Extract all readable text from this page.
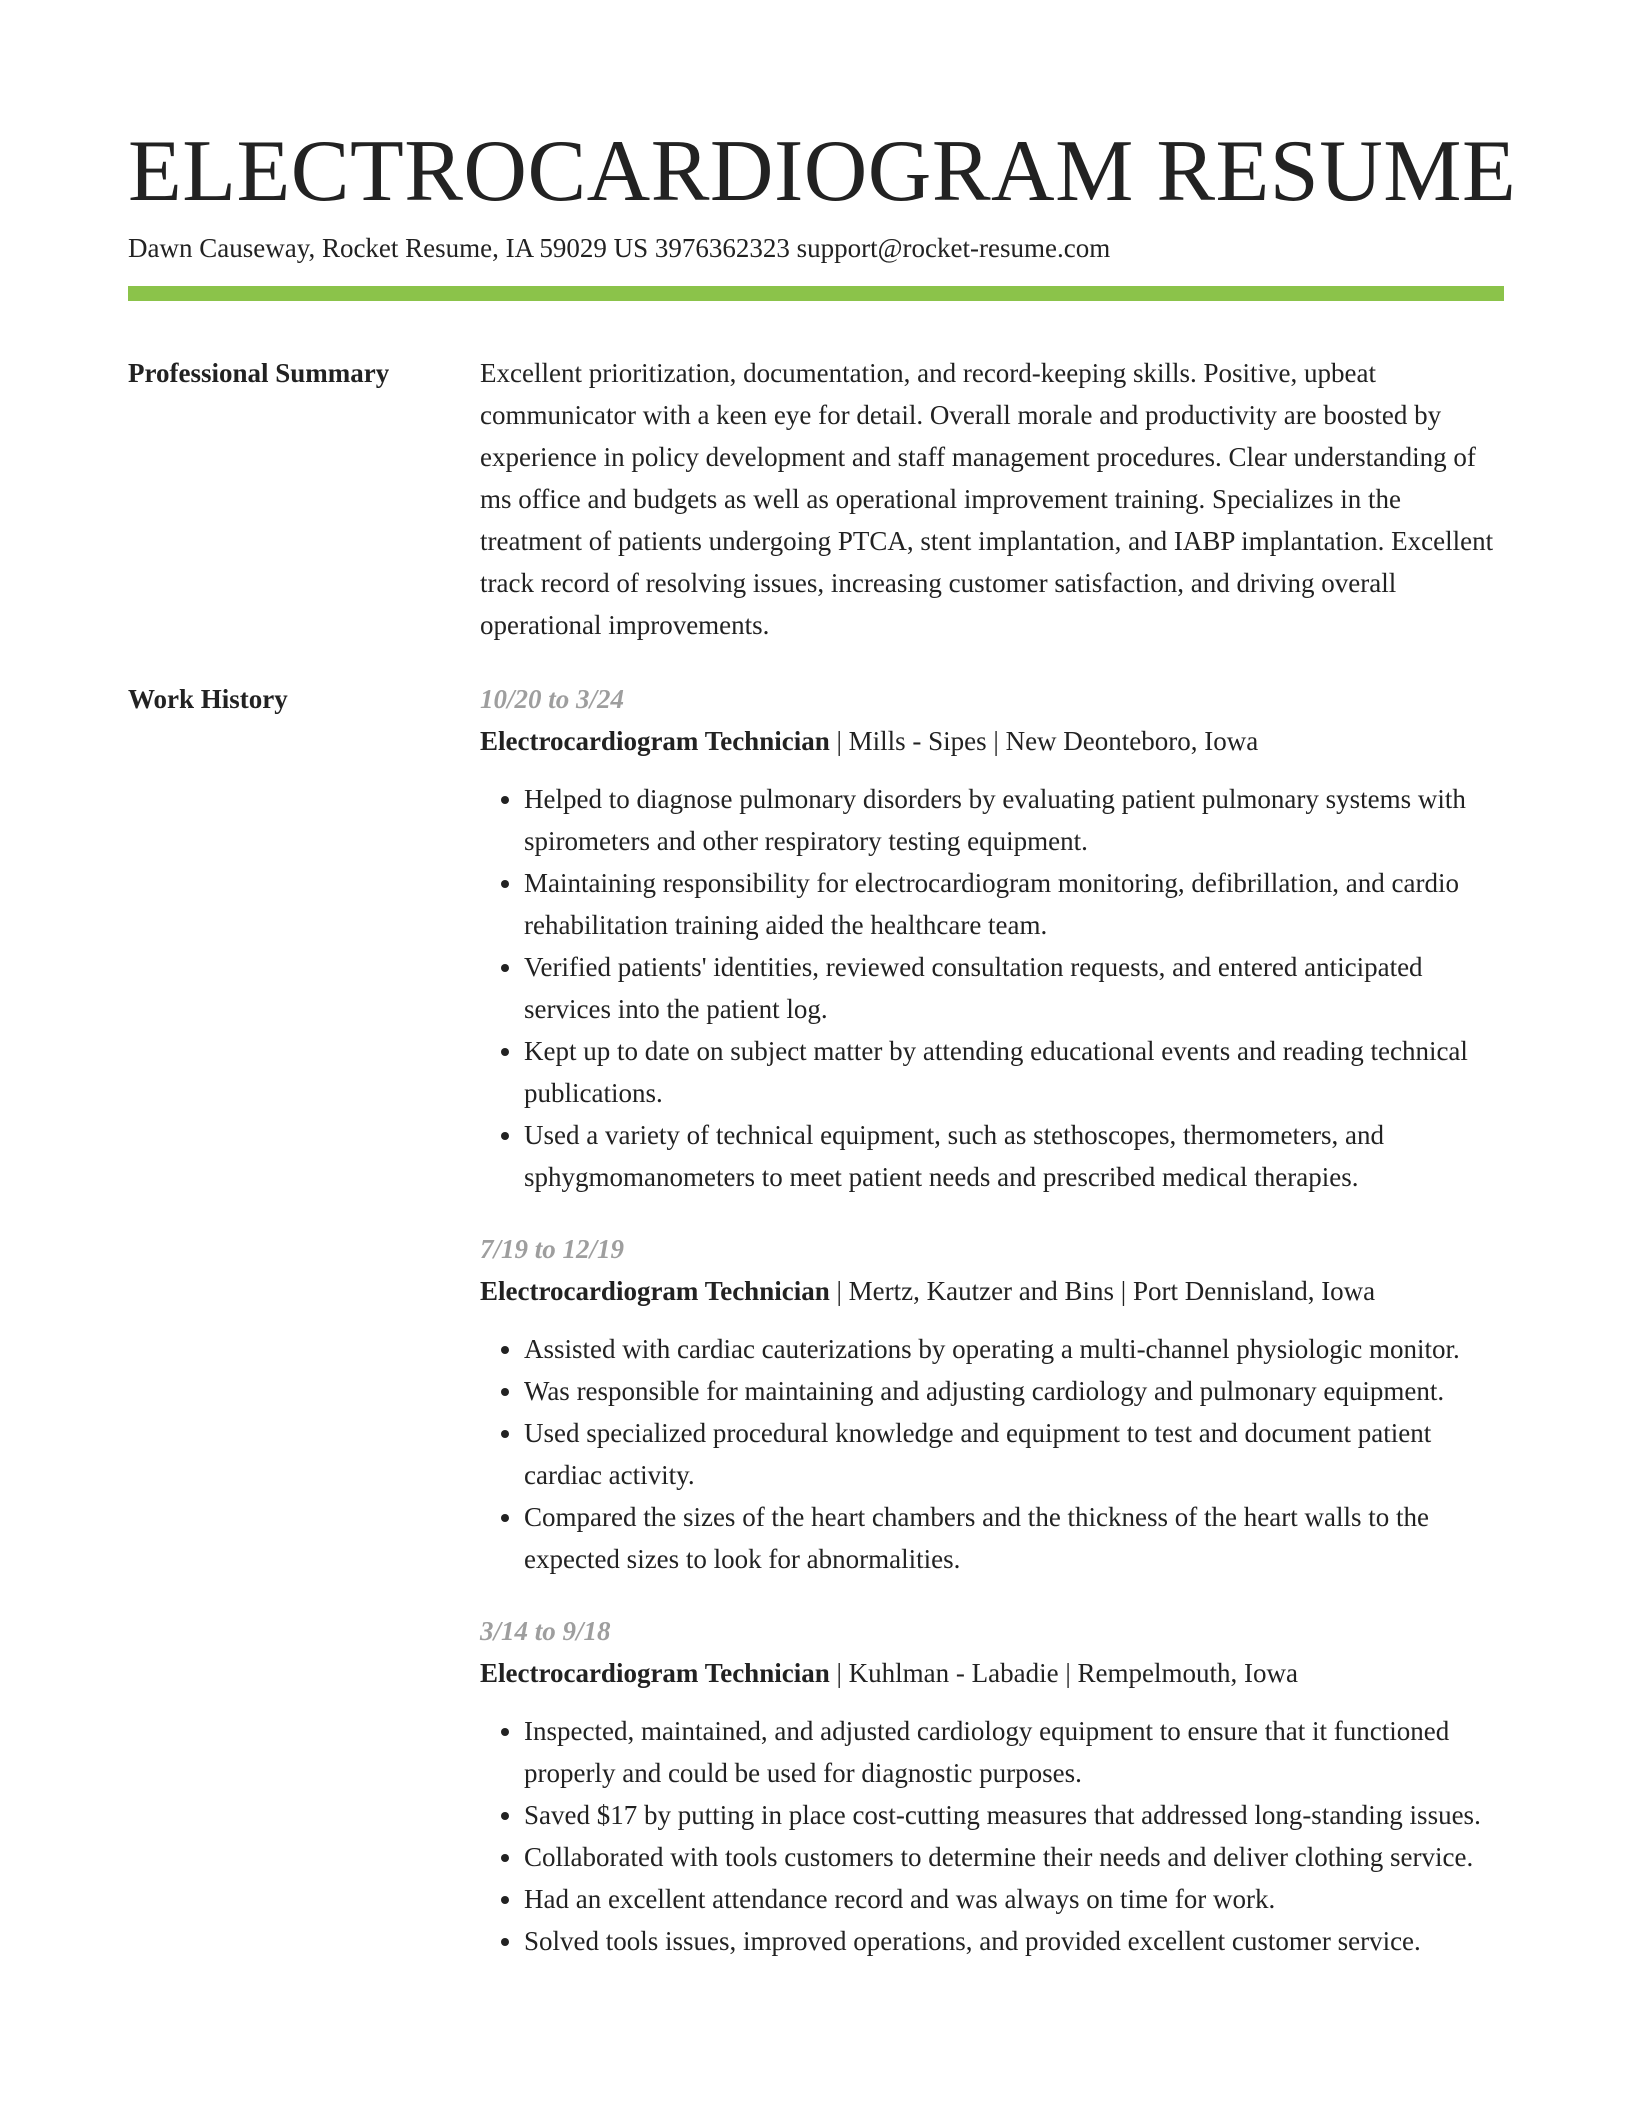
ELECTROCARDIOGRAM RESUME
Dawn Causeway, Rocket Resume, IA 59029 US 3976362323 support@rocket-resume.com
Professional Summary	Excellent prioritization, documentation, and record-keeping skills. Positive, upbeat communicator with a keen eye for detail. Overall morale and productivity are boosted by experience in policy development and staff management procedures. Clear understanding of ms office and budgets as well as operational improvement training. Specializes in the treatment of patients undergoing PTCA, stent implantation, and IABP implantation. Excellent track record of resolving issues, increasing customer satisfaction, and driving overall operational improvements.

Work History	10/20 to 3/24
Electrocardiogram Technician | Mills - Sipes | New Deonteboro, Iowa
• Helped to diagnose pulmonary disorders by evaluating patient pulmonary systems with spirometers and other respiratory testing equipment.
• Maintaining responsibility for electrocardiogram monitoring, defibrillation, and cardio rehabilitation training aided the healthcare team.
• Verified patients' identities, reviewed consultation requests, and entered anticipated services into the patient log.
• Kept up to date on subject matter by attending educational events and reading technical publications.
• Used a variety of technical equipment, such as stethoscopes, thermometers, and sphygmomanometers to meet patient needs and prescribed medical therapies.
7/19 to 12/19
Electrocardiogram Technician | Mertz, Kautzer and Bins | Port Dennisland, Iowa
• Assisted with cardiac cauterizations by operating a multi-channel physiologic monitor.
• Was responsible for maintaining and adjusting cardiology and pulmonary equipment.
• Used specialized procedural knowledge and equipment to test and document patient cardiac activity.
• Compared the sizes of the heart chambers and the thickness of the heart walls to the expected sizes to look for abnormalities.
3/14 to 9/18
Electrocardiogram Technician | Kuhlman - Labadie | Rempelmouth, Iowa
• Inspected, maintained, and adjusted cardiology equipment to ensure that it functioned properly and could be used for diagnostic purposes.
• Saved $17 by putting in place cost-cutting measures that addressed long-standing issues.
• Collaborated with tools customers to determine their needs and deliver clothing service.
• Had an excellent attendance record and was always on time for work.
• Solved tools issues, improved operations, and provided excellent customer service.
